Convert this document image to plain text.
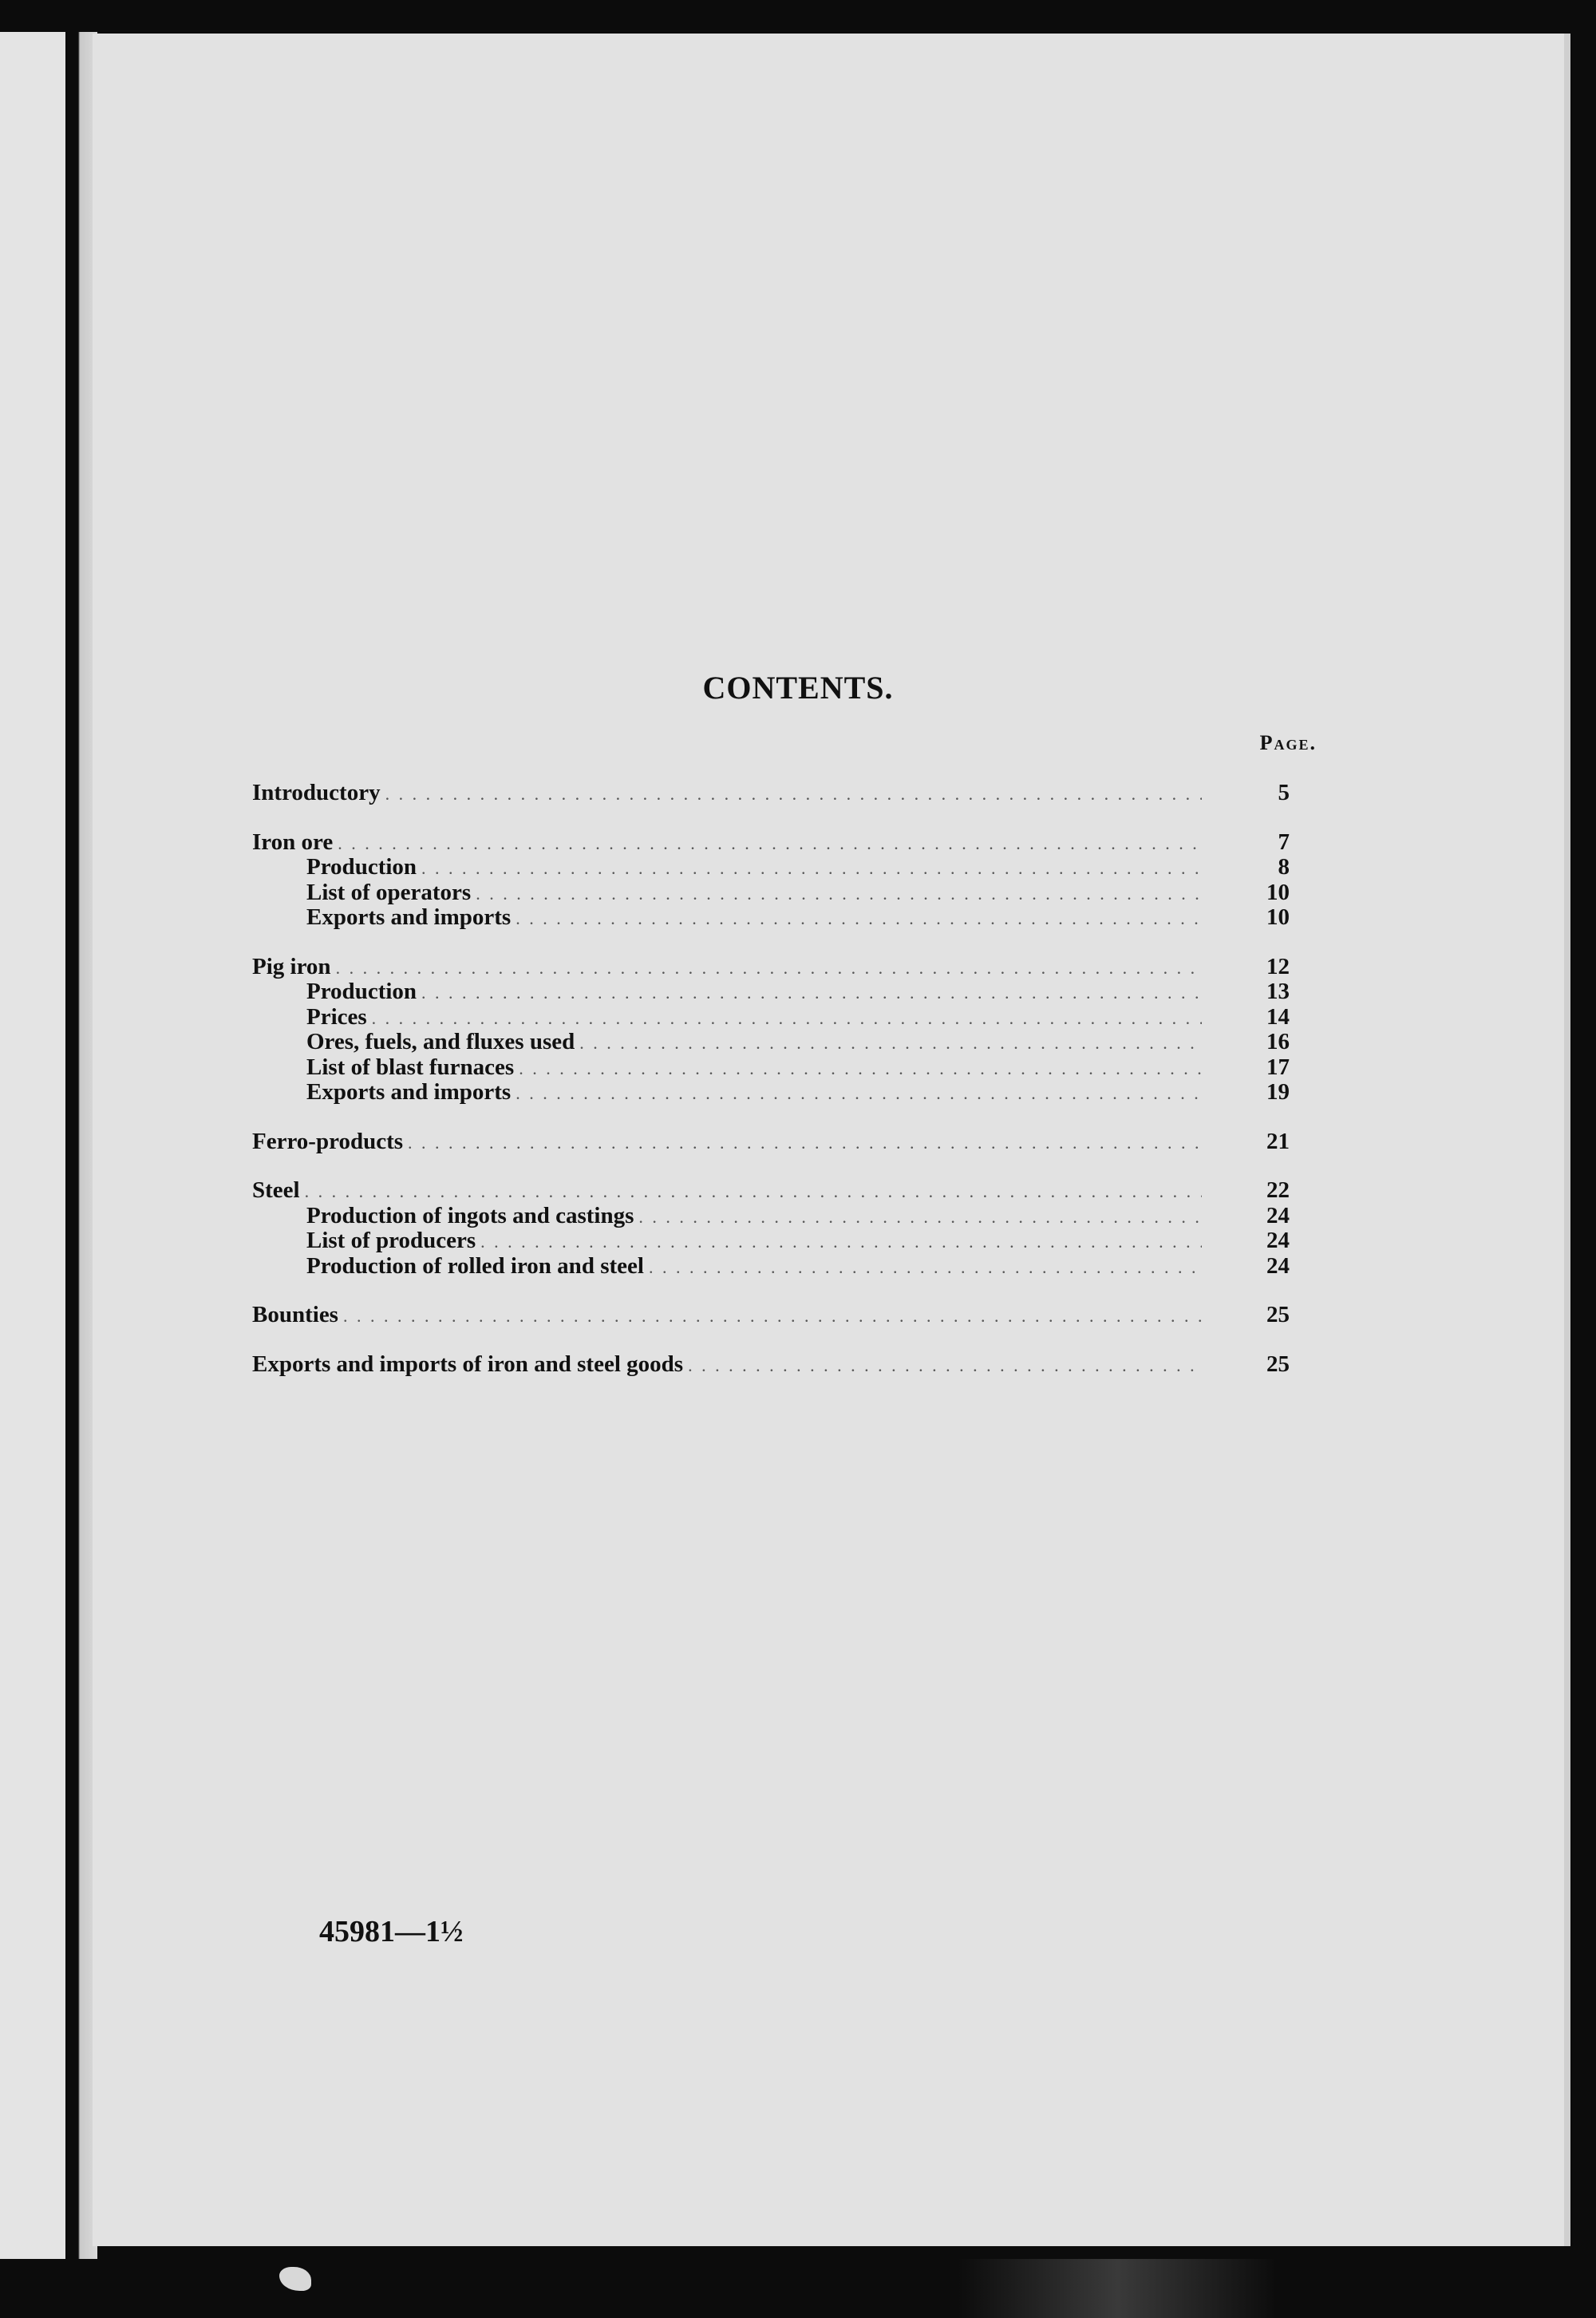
CONTENTS.
Page.
Introductory . . .	5
Iron ore . . .	7
Production . . .	8
List of operators . . .	10
Exports and imports . . .	10
Pig iron . . .	12
Production . . .	13
Prices . . .	14
Ores, fuels, and fluxes used . . .	16
List of blast furnaces . . .	17
Exports and imports . . .	19
Ferro-products . . .	21
Steel . . .	22
Production of ingots and castings . . .	24
List of producers . . .	24
Production of rolled iron and steel . . .	24
Bounties . . .	25
Exports and imports of iron and steel goods . . .	25
45981—1½
